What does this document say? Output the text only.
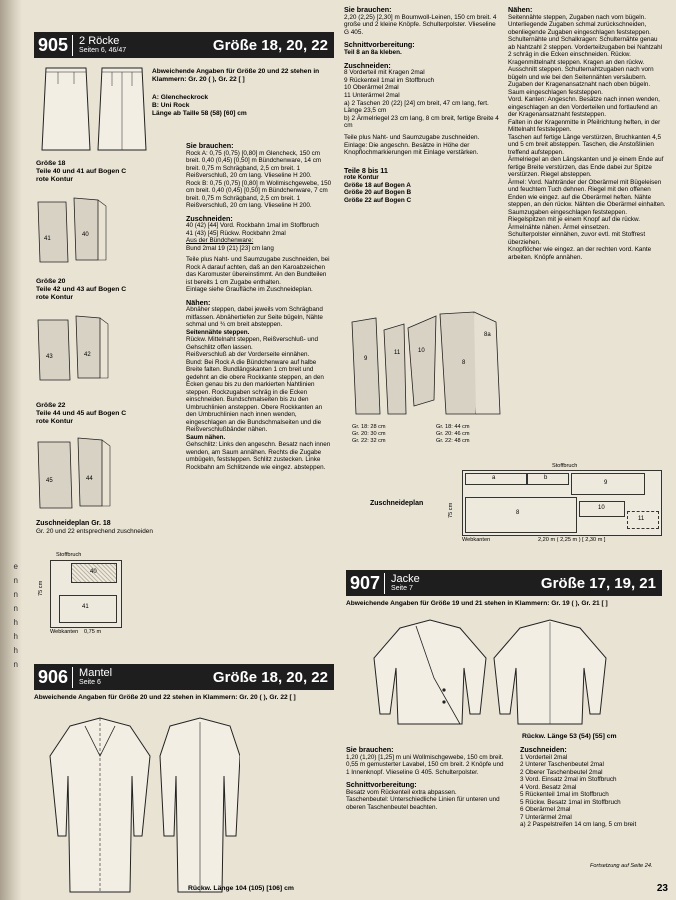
e
n
n
n
h
h
h
n
905	2 Röcke
Seiten 6, 46/47	Größe 18, 20, 22

Abweichende Angaben für Größe 20 und 22 stehen in Klammern: Gr. 20 ( ), Gr. 22 [ ]

A: Glencheckrock

B: Uni Rock

Länge ab Taille 58 (58) [60] cm

Größe 18

Teile 40 und 41 auf Bogen C

rote Kontur

41
40

Größe 20

Teile 42 und 43 auf Bogen C

rote Kontur

43	42

Größe 22

Teile 44 und 45 auf Bogen C

rote Kontur

45	44

Zuschneideplan Gr. 18

Gr. 20 und 22 entsprechend zuschneiden

Stoffbruch
40
41
75 cm
Webkanten 0,75 m

Sie brauchen:

Rock A: 0,75 (0,75) [0,80] m Glencheck, 150 cm breit. 0,40 (0,45) [0,50] m Bündchenware, 14 cm breit. 0,75 m Schrägband, 2,5 cm breit. 1 Reißverschluß, 20 cm lang. Vlieseline H 200.

Rock B: 0,75 (0,75) [0,80] m Wollmischgewebe, 150 cm breit. 0,40 (0,45) [0,50] m Bündchenware, 7 cm breit. 0,75 m Schrägband, 2,5 cm breit. 1 Reißverschluß, 20 cm lang. Vlieseline H 200.

Zuschneiden:

40 (42) [44] Vord. Rockbahn 1mal im Stoffbruch

41 (43) [45] Rückw. Rockbahn 2mal

Aus der Bündchenware:

Bund 2mal 19 (21) [23] cm lang

Teile plus Naht- und Saumzugabe zuschneiden, bei Rock A darauf achten, daß an den Karoabzeichen das Karomuster übereinstimmt. An den Bundteilen ist bereits 1 cm Zugabe enthalten.

Einlage siehe Graufläche im Zuschneideplan.

Nähen:

Abnäher steppen, dabei jeweils vom Schrägband mitfassen. Abnähertiefen zur Seite bügeln, Nähte schmal und ¾ cm breit absteppen.

Seitennähte steppen.

Rückw. Mittelnaht steppen, Reißverschluß- und Gehschlitz offen lassen.

Reißverschluß ab der Vorderseite einnähen.

Bund: Bei Rock A die Bündchenware auf halbe Breite falten. Bundlängskanten 1 cm breit und gedehnt an die obere Rockkante steppen, an den Ecken genau bis zu den markierten Nahtlinien steppen. Rockzugaben schräg in die Ecken einschneiden. Bundschmalseiten bis zu den Umbruchlinien ansteppen. Obere Rockkanten an den Umbruchlinien nach innen wenden, eingeschlagen an die Bundschmalseiten und die Reißverschlußbänder nähen.

Saum nähen.

Gehschlitz: Links den angeschn. Besatz nach innen wenden, am Saum annähen. Rechts die Zugabe umbügeln, feststeppen. Schlitz zustecken. Linke Rockbahn am Schlitzende wie eingez. absteppen.

906	Mantel
Seite 6	Größe 18, 20, 22

Abweichende Angaben für Größe 20 und 22 stehen in Klammern: Gr. 20 ( ), Gr. 22 [ ]

Rückw. Länge 104 (105) [106] cm

Sie brauchen:

2,20 (2,25) [2,30] m Boumwoll-Leinen, 150 cm breit. 4 große und 2 kleine Knöpfe. Schulterpolster. Vlieseline G 405.

Schnittvorbereitung:

Teil 8 an 8a kleben.

Zuschneiden:

8 Vorderteil mit Kragen 2mal

9 Rückenteil 1mal im Stoffbruch

10 Oberärmel 2mal

11 Unterärmel 2mal

a) 2 Taschen 20 (22) [24] cm breit, 47 cm lang, fert. Länge 23,5 cm

b) 2 Ärmelriegel 23 cm lang, 8 cm breit, fertige Breite 4 cm

Teile plus Naht- und Saumzugabe zuschneiden.

Einlage: Die angeschn. Besätze in Höhe der Knopflochmarkierungen mit Einlage verstärken.

Teile 8 bis 11

rote Kontur

Größe 18 auf Bogen A

Größe 20 auf Bogen B

Größe 22 auf Bogen C

9
11	10
8
8a

Gr. 18: 28 cm

Gr. 20: 30 cm

Gr. 22: 32 cm

Gr. 18: 44 cm

Gr. 20: 46 cm

Gr. 22: 48 cm

Zuschneideplan
Stoffbruch
a	b
9
8
10
11
75 cm
Webkanten	2,20 m ( 2,25 m ) [ 2,30 m ]

Nähen:

Seitennähte steppen, Zugaben nach vorn bügeln. Unterliegende Zugaben schmal zurückschneiden, obenliegende Zugaben eingeschlagen feststeppen.

Schulternähte und Schalkragen: Schulternähte genau ab Nahtzahl 2 steppen. Vorderteilzugaben bei Nahtzahl 2 schräg in die Ecken einschneiden. Rückw. Kragenmittelnaht steppen. Kragen an den rückw. Ausschnitt steppen. Schulternahtzugaben nach vorn bügeln und wie bei den Seitennähten versäubern. Zugaben der Kragenansatznaht nach oben bügeln.

Saum eingeschlagen feststeppen.

Vord. Kanten: Angeschn. Besätze nach innen wenden, eingeschlagen an den Vorderteilen und fortlaufend an der Kragenansatznaht feststeppen.

Falten in der Kragenmitte in Pfeilrichtung heften, in der Mittelnaht feststeppen.

Taschen auf fertige Länge verstürzen, Bruchkanten 4,5 und 5 cm breit absteppen. Taschen, die Anstoßlinien treffend aufsteppen.

Ärmelriegel an den Längskanten und je einem Ende auf fertige Breite verstürzen, das Ende dabei zur Spitze verstürzen. Riegel absteppen.

Ärmel: Vord. Nahtränder der Oberärmel mit Bügeleisen und feuchtem Tuch dehnen. Riegel mit den offenen Enden wie eingez. auf die Oberärmel heften. Nähte steppen, an den rückw. Nähten die Oberärmel einhalten. Saumzugaben eingeschlagen feststeppen. Riegelspitzen mit je einem Knopf auf die rückw. Ärmelnähte nähen. Ärmel einsetzen.

Schulterpolster einnähen, zuvor evtl. mit Stoffrest überziehen.

Knopflöcher wie eingez. an der rechten vord. Kante arbeiten. Knöpfe annähen.

907	Jacke
Seite 7	Größe 17, 19, 21

Abweichende Angaben für Größe 19 und 21 stehen in Klammern: Gr. 19 ( ), Gr. 21 [ ]

Rückw. Länge 53 (54) [55] cm

Sie brauchen:

1,20 (1,20) [1,25] m uni Wollmischgewebe, 150 cm breit. 0,55 m gemusterter Lavabel, 150 cm breit. 2 Knöpfe und 1 Innenknopf. Vlieseline G 405. Schulterpolster.

Schnittvorbereitung:

Besatz vom Rückenteil extra abpassen.

Taschenbeutel: Unterschiedliche Linien für unteren und oberen Taschenbeutel beachten.

Zuschneiden:

1 Vorderteil 2mal

2 Unterer Taschenbeutel 2mal

2 Oberer Taschenbeutel 2mal

3 Vord. Einsatz 2mal im Stoffbruch

4 Vord. Besatz 2mal

5 Rückenteil 1mal im Stoffbruch

5 Rückw. Besatz 1mal im Stoffbruch

6 Oberärmel 2mal

7 Unterärmel 2mal

a) 2 Paspelstreifen 14 cm lang, 5 cm breit

Fortsetzung auf Seite 24.
23
